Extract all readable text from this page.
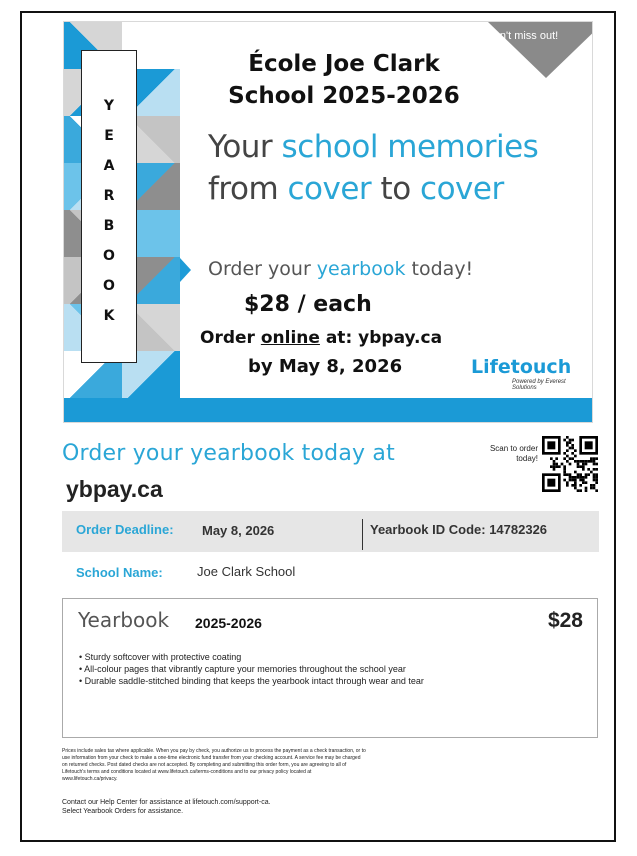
Y
E
A
R
B
O
O
K
Don't miss out!
École Joe Clark
School 2025-2026
Your school memories
from cover to cover
Order your yearbook today!
$28 / each
Order online at: ybpay.ca
by May 8, 2026	Lifetouch
Powered by Everest Solutions
Order your yearbook today at
ybpay.ca
Scan to order today!
Order Deadline: May 8, 2026	Yearbook ID Code: 14782326
School Name:	Joe Clark School
Yearbook 2025-2026	$28
• Sturdy softcover with protective coating
• All-colour pages that vibrantly capture your memories throughout the school year
• Durable saddle-stitched binding that keeps the yearbook intact through wear and tear
Prices include sales tax where applicable. When you pay by check, you authorize us to process the payment as a check transaction, or to use information from your check to make a one-time electronic fund transfer from your checking account. A service fee may be charged on returned checks. Post dated checks are not accepted. By completing and submitting this order form, you are agreeing to all of Lifetouch's terms and conditions located at www.lifetouch.ca/terms-conditions and to our privacy policy located at www.lifetouch.ca/privacy.
Contact our Help Center for assistance at lifetouch.com/support-ca.
Select Yearbook Orders for assistance.
